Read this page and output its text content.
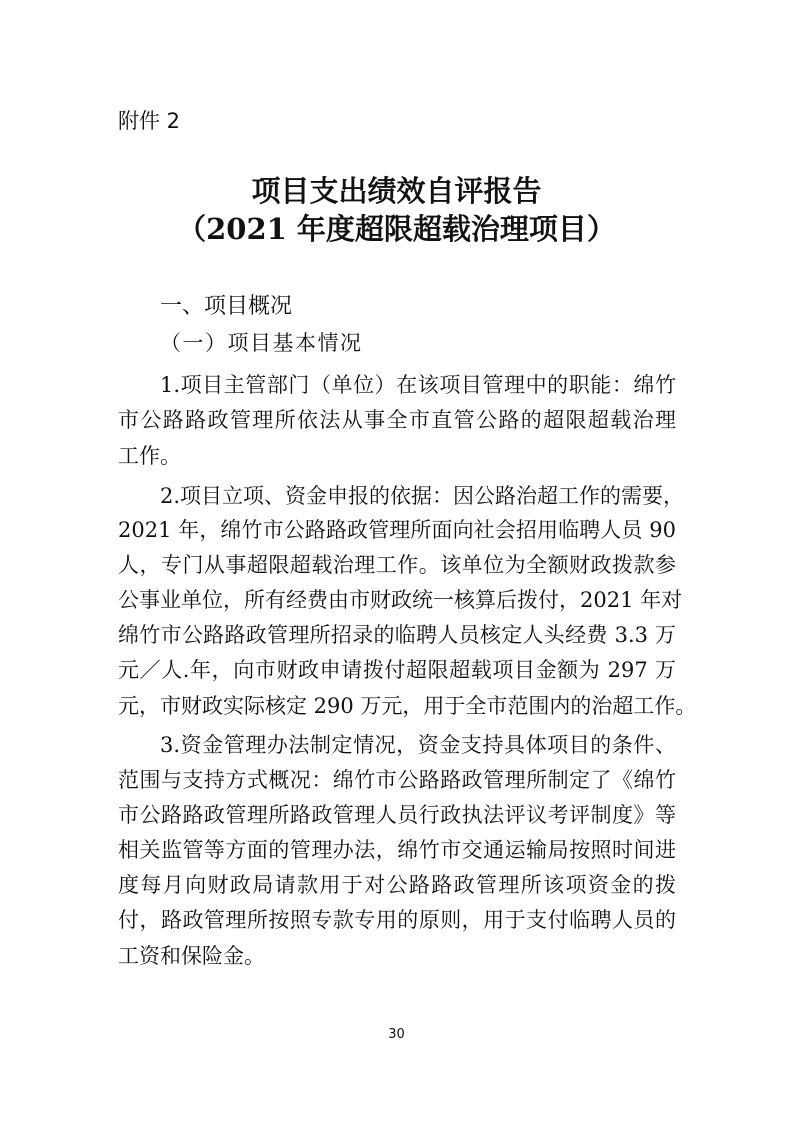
附件 2
项目支出绩效自评报告
（2021 年度超限超载治理项目）
一、项目概况
（一）项目基本情况
1.项目主管部门（单位）在该项目管理中的职能：绵竹
市公路路政管理所依法从事全市直管公路的超限超载治理
工作。
2.项目立项、资金申报的依据：因公路治超工作的需要，
2021 年，绵竹市公路路政管理所面向社会招用临聘人员 90
人，专门从事超限超载治理工作。该单位为全额财政拨款参
公事业单位，所有经费由市财政统一核算后拨付，2021 年对
绵竹市公路路政管理所招录的临聘人员核定人头经费 3.3 万
元／人.年，向市财政申请拨付超限超载项目金额为 297 万
元，市财政实际核定 290 万元，用于全市范围内的治超工作。
3.资金管理办法制定情况，资金支持具体项目的条件、
范围与支持方式概况：绵竹市公路路政管理所制定了《绵竹
市公路路政管理所路政管理人员行政执法评议考评制度》等
相关监管等方面的管理办法，绵竹市交通运输局按照时间进
度每月向财政局请款用于对公路路政管理所该项资金的拨
付，路政管理所按照专款专用的原则，用于支付临聘人员的
工资和保险金。
30
